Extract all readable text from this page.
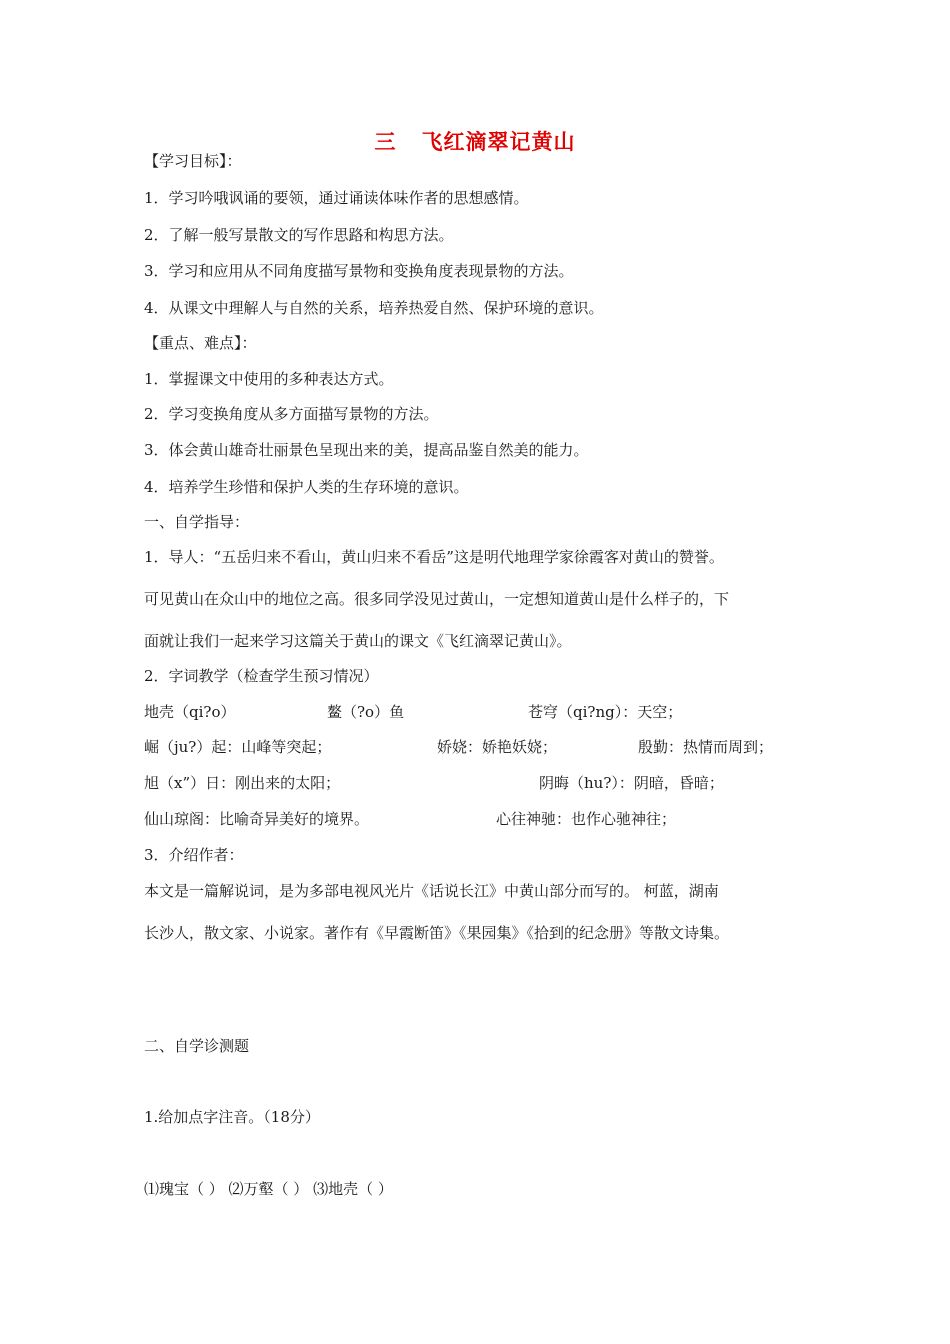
三   飞红滴翠记黄山
【学习目标】：
1．学习吟哦讽诵的要领，通过诵读体味作者的思想感情。
2．了解一般写景散文的写作思路和构思方法。
3．学习和应用从不同角度描写景物和变换角度表现景物的方法。
4．从课文中理解人与自然的关系，培养热爱自然、保护环境的意识。
【重点、难点】：
1．掌握课文中使用的多种表达方式。
2．学习变换角度从多方面描写景物的方法。
3．体会黄山雄奇壮丽景色呈现出来的美，提高品鉴自然美的能力。
4．培养学生珍惜和保护人类的生存环境的意识。
一、自学指导：
1．导人：“五岳归来不看山，黄山归来不看岳”这是明代地理学家徐霞客对黄山的赞誉。
可见黄山在众山中的地位之高。很多同学没见过黄山，一定想知道黄山是什么样子的，下
面就让我们一起来学习这篇关于黄山的课文《飞红滴翠记黄山》。
2．字词教学（检查学生预习情况）
地壳（qi?o）	鳌（?o）鱼	苍穹（qi?ng）：天空；
崛（ju?）起：山峰等突起；	娇娆：娇艳妖娆；	殷勤：热情而周到；
旭（x”）日：刚出来的太阳；	阴晦（hu?）：阴暗，昏暗；
仙山琼阁：比喻奇异美好的境界。	心往神驰：也作心驰神往；
3．介绍作者：
本文是一篇解说词，是为多部电视风光片《话说长江》中黄山部分而写的。 柯蓝，湖南
长沙人，散文家、小说家。著作有《早霞断笛》《果园集》《拾到的纪念册》等散文诗集。
二、自学诊测题
1.给加点字注音。（18分）
⑴瑰宝（ ） ⑵万壑（ ） ⑶地壳（ ）
